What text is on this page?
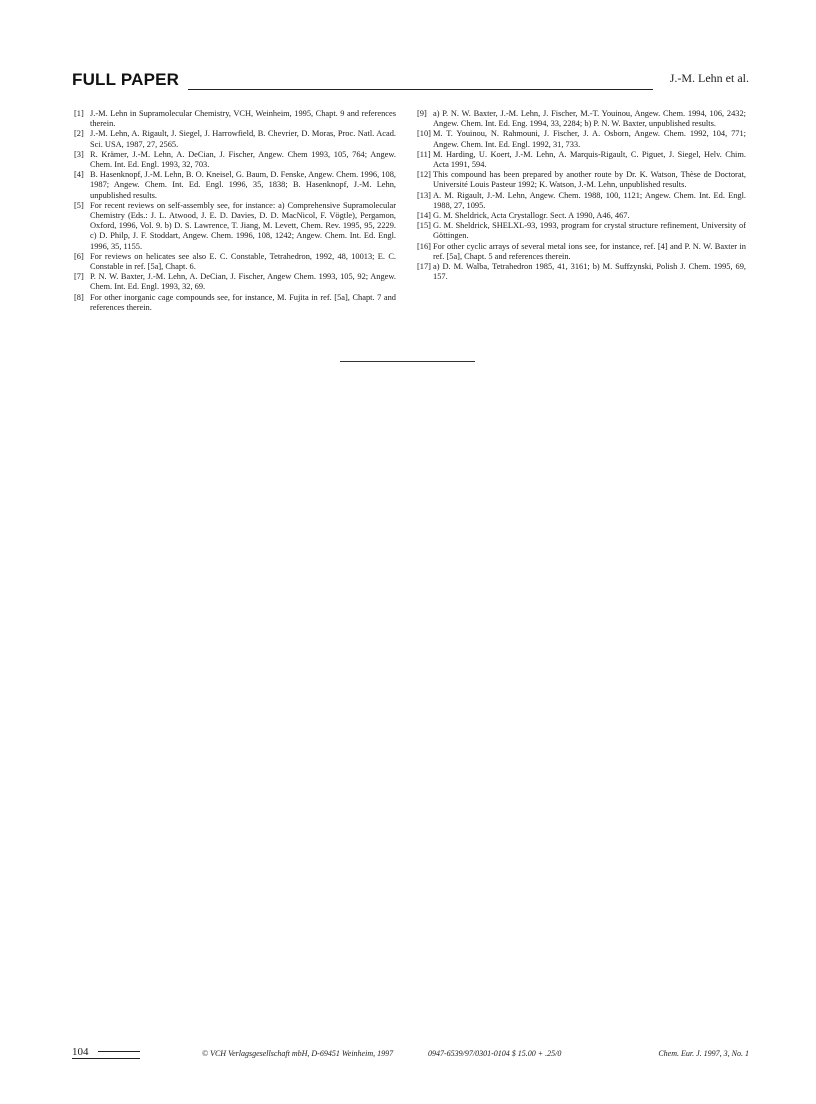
FULL PAPER	J.-M. Lehn et al.
[1] J.-M. Lehn in Supramolecular Chemistry, VCH, Weinheim, 1995, Chapt. 9 and references therein.
[2] J.-M. Lehn, A. Rigault, J. Siegel, J. Harrowfield, B. Chevrier, D. Moras, Proc. Natl. Acad. Sci. USA, 1987, 27, 2565.
[3] R. Krämer, J.-M. Lehn, A. DeCian, J. Fischer, Angew. Chem 1993, 105, 764; Angew. Chem. Int. Ed. Engl. 1993, 32, 703.
[4] B. Hasenknopf, J.-M. Lehn, B. O. Kneisel, G. Baum, D. Fenske, Angew. Chem. 1996, 108, 1987; Angew. Chem. Int. Ed. Engl. 1996, 35, 1838; B. Hasenknopf, J.-M. Lehn, unpublished results.
[5] For recent reviews on self-assembly see, for instance: a) Comprehensive Supramolecular Chemistry (Eds.: J. L. Atwood, J. E. D. Davies, D. D. MacNicol, F. Vögtle), Pergamon, Oxford, 1996, Vol. 9. b) D. S. Lawrence, T. Jiang, M. Levett, Chem. Rev. 1995, 95, 2229. c) D. Philp, J. F. Stoddart, Angew. Chem. 1996, 108, 1242; Angew. Chem. Int. Ed. Engl. 1996, 35, 1155.
[6] For reviews on helicates see also E. C. Constable, Tetrahedron, 1992, 48, 10013; E. C. Constable in ref. [5a], Chapt. 6.
[7] P. N. W. Baxter, J.-M. Lehn, A. DeCian, J. Fischer, Angew Chem. 1993, 105, 92; Angew. Chem. Int. Ed. Engl. 1993, 32, 69.
[8] For other inorganic cage compounds see, for instance, M. Fujita in ref. [5a], Chapt. 7 and references therein.
[9] a) P. N. W. Baxter, J.-M. Lehn, J. Fischer, M.-T. Youinou, Angew. Chem. 1994, 106, 2432; Angew. Chem. Int. Ed. Eng. 1994, 33, 2284; b) P. N. W. Baxter, unpublished results.
[10] M. T. Youinou, N. Rahmouni, J. Fischer, J. A. Osborn, Angew. Chem. 1992, 104, 771; Angew. Chem. Int. Ed. Engl. 1992, 31, 733.
[11] M. Harding, U. Koert, J.-M. Lehn, A. Marquis-Rigault, C. Piguet, J. Siegel, Helv. Chim. Acta 1991, 594.
[12] This compound has been prepared by another route by Dr. K. Watson, Thèse de Doctorat, Université Louis Pasteur 1992; K. Watson, J.-M. Lehn, unpublished results.
[13] A. M. Rigault, J.-M. Lehn, Angew. Chem. 1988, 100, 1121; Angew. Chem. Int. Ed. Engl. 1988, 27, 1095.
[14] G. M. Sheldrick, Acta Crystallogr. Sect. A 1990, A46, 467.
[15] G. M. Sheldrick, SHELXL-93, 1993, program for crystal structure refinement, University of Göttingen.
[16] For other cyclic arrays of several metal ions see, for instance, ref. [4] and P. N. W. Baxter in ref. [5a], Chapt. 5 and references therein.
[17] a) D. M. Walba, Tetrahedron 1985, 41, 3161; b) M. Suffzynski, Polish J. Chem. 1995, 69, 157.
104	© VCH Verlagsgesellschaft mbH, D-69451 Weinheim, 1997	0947-6539/97/0301-0104 $ 15.00 + .25/0	Chem. Eur. J. 1997, 3, No. 1
